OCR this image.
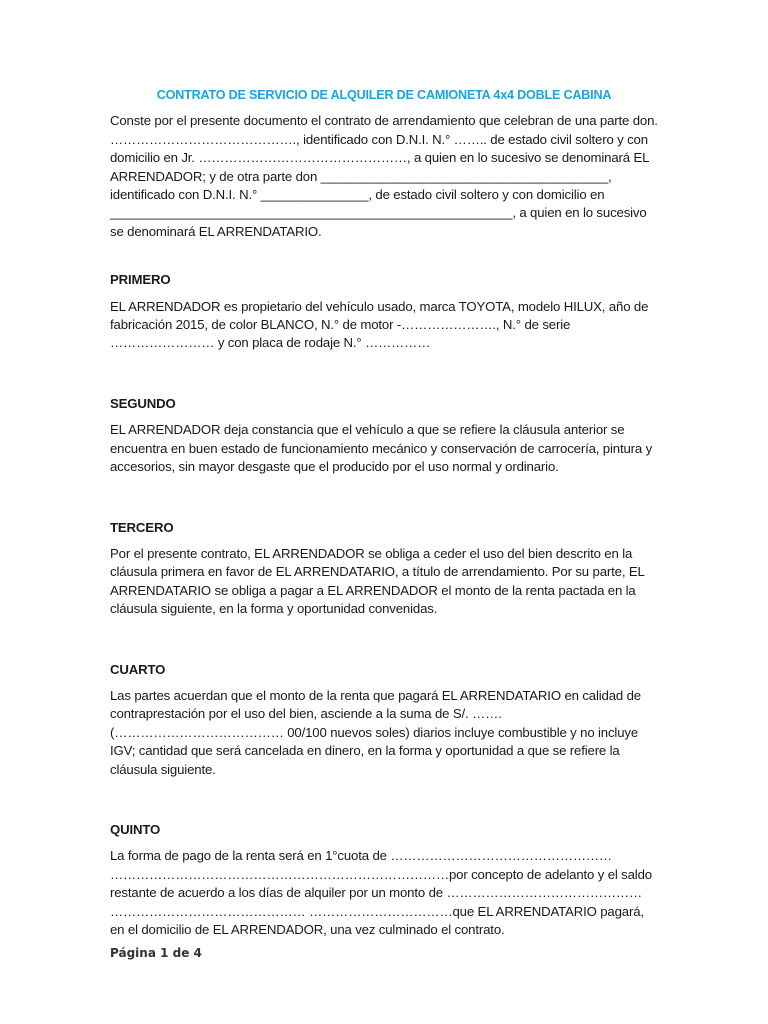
CONTRATO DE SERVICIO DE ALQUILER DE CAMIONETA 4x4 DOBLE CABINA

Conste por el presente documento el contrato de arrendamiento que celebran de una parte don. ……………………………………., identificado con D.N.I. N.° …….. de estado civil soltero y con domicilio en Jr. …………………………………………, a quien en lo sucesivo se denominará EL ARRENDADOR; y de otra parte don ________________________________________, identificado con D.N.I. N.° _______________, de estado civil soltero y con domicilio en ________________________________________________________, a quien en lo sucesivo se denominará EL ARRENDATARIO.

PRIMERO

EL ARRENDADOR es propietario del vehículo usado, marca TOYOTA, modelo HILUX, año de fabricación 2015, de color BLANCO, N.° de motor -…………………., N.° de serie …………………… y con placa de rodaje N.° ……………

SEGUNDO

EL ARRENDADOR deja constancia que el vehículo a que se refiere la cláusula anterior se encuentra en buen estado de funcionamiento mecánico y conservación de carrocería, pintura y accesorios, sin mayor desgaste que el producido por el uso normal y ordinario.

TERCERO

Por el presente contrato, EL ARRENDADOR se obliga a ceder el uso del bien descrito en la cláusula primera en favor de EL ARRENDATARIO, a título de arrendamiento. Por su parte, EL ARRENDATARIO se obliga a pagar a EL ARRENDADOR el monto de la renta pactada en la cláusula siguiente, en la forma y oportunidad convenidas.

CUARTO

Las partes acuerdan que el monto de la renta que pagará EL ARRENDATARIO en calidad de contraprestación por el uso del bien, asciende a la suma de S/. ……. (………………………………… 00/100 nuevos soles) diarios incluye combustible y no incluye IGV; cantidad que será cancelada en dinero, en la forma y oportunidad a que se refiere la cláusula siguiente.

QUINTO

La forma de pago de la renta será en 1°cuota de …………………………………………… ……………………………………………………………………por concepto de adelanto y el saldo restante de acuerdo a los días de alquiler por un monto de ……………………………………… ……………………………………… ……………………………que EL ARRENDATARIO pagará, en el domicilio de EL ARRENDADOR, una vez culminado el contrato.

Página 1 de 4
